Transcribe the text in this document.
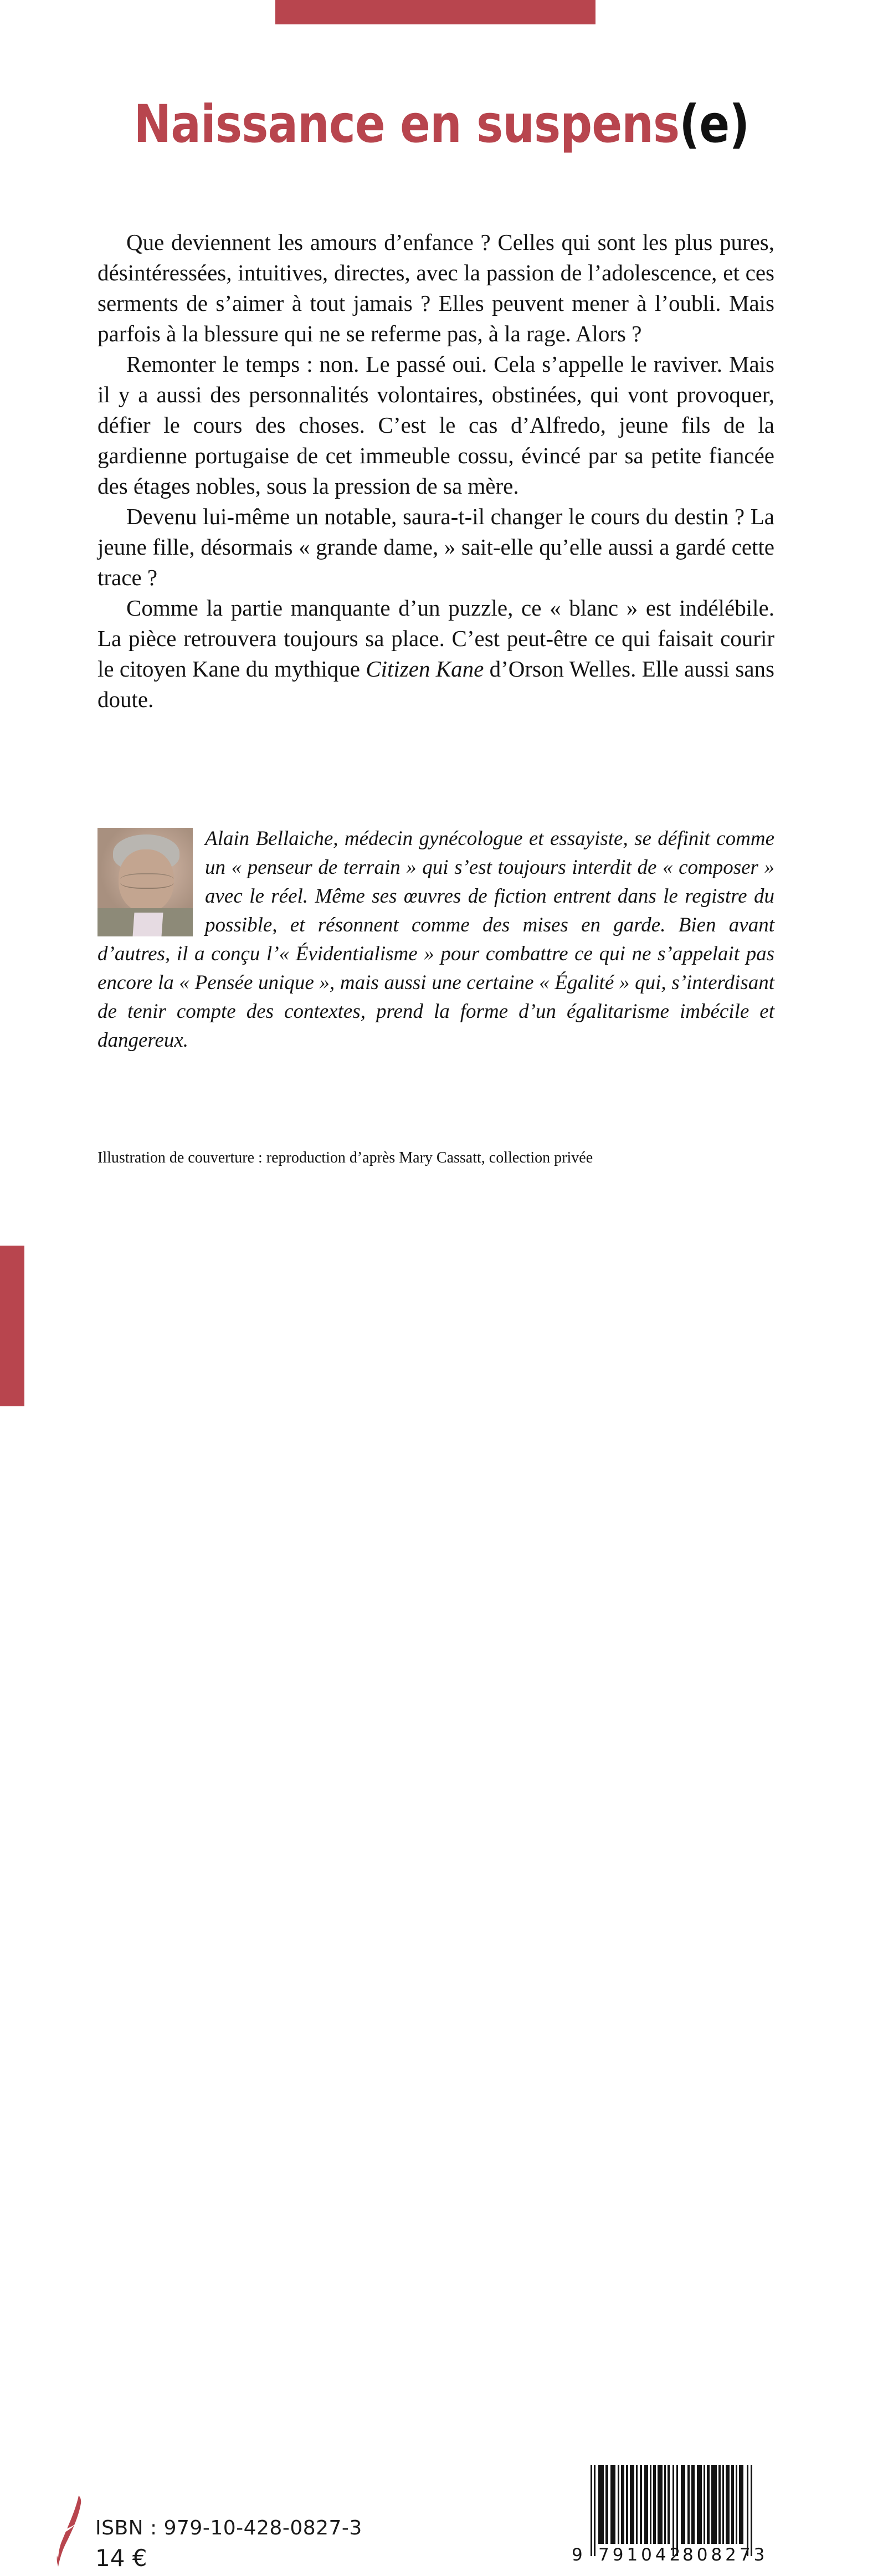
Naissance en suspens(e)

Que deviennent les amours d’enfance ? Celles qui sont les plus pures, désintéressées, intuitives, directes, avec la passion de l’adolescence, et ces serments de s’aimer à tout jamais ? Elles peuvent mener à l’oubli. Mais parfois à la blessure qui ne se referme pas, à la rage. Alors ?

Remonter le temps : non. Le passé oui. Cela s’appelle le raviver. Mais il y a aussi des personnalités volontaires, obstinées, qui vont provoquer, défier le cours des choses. C’est le cas d’Alfredo, jeune fils de la gardienne portugaise de cet immeuble cossu, évincé par sa petite fiancée des étages nobles, sous la pression de sa mère.

Devenu lui-même un notable, saura-t-il changer le cours du destin ? La jeune fille, désormais « grande dame, » sait-elle qu’elle aussi a gardé cette trace ?

Comme la partie manquante d’un puzzle, ce « blanc » est indélébile. La pièce retrouvera toujours sa place. C’est peut-être ce qui faisait courir le citoyen Kane du mythique Citizen Kane d’Orson Welles. Elle aussi sans doute.

Alain Bellaiche, médecin gynécologue et essayiste, se définit comme un « penseur de terrain » qui s’est toujours interdit de « composer » avec le réel. Même ses œuvres de fiction entrent dans le registre du possible, et résonnent comme des mises en garde. Bien avant d’autres, il a conçu l’« Évidentialisme » pour combattre ce qui ne s’appelait pas encore la « Pensée unique », mais aussi une certaine « Égalité » qui, s’interdisant de tenir compte des contextes, prend la forme d’un égalitarisme imbécile et dangereux.

Illustration de couverture : reproduction d’après Mary Cassatt, collection privée
ISBN : 979-10-428-0827-3
14 €	9 791042
808273
